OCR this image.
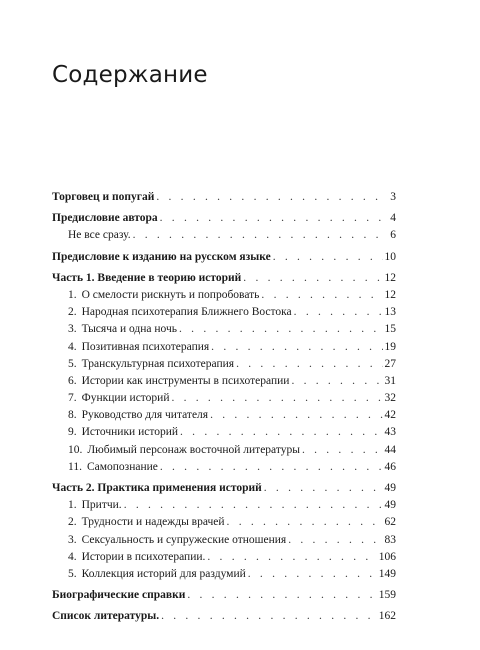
Содержание
Торговец и попугай . . .	3
Предисловие автора . . .	4
Не все сразу. . . .	6
Предисловие к изданию на русском языке . . .	10
Часть 1. Введение в теорию историй . . .	12
1. О смелости рискнуть и попробовать . . .	12
2. Народная психотерапия Ближнего Востока . . .	13
3. Тысяча и одна ночь . . .	15
4. Позитивная психотерапия . . .	19
5. Транскультурная психотерапия . . .	27
6. Истории как инструменты в психотерапии . . .	31
7. Функции историй . . .	32
8. Руководство для читателя . . .	42
9. Источники историй . . .	43
10. Любимый персонаж восточной литературы . . .	44
11. Самопознание . . .	46
Часть 2. Практика применения историй . . .	49
1. Притчи. . . .	49
2. Трудности и надежды врачей . . .	62
3. Сексуальность и супружеские отношения . . .	83
4. Истории в психотерапии. . . .	106
5. Коллекция историй для раздумий . . .	149
Биографические справки . . .	159
Список литературы. . . .	162
